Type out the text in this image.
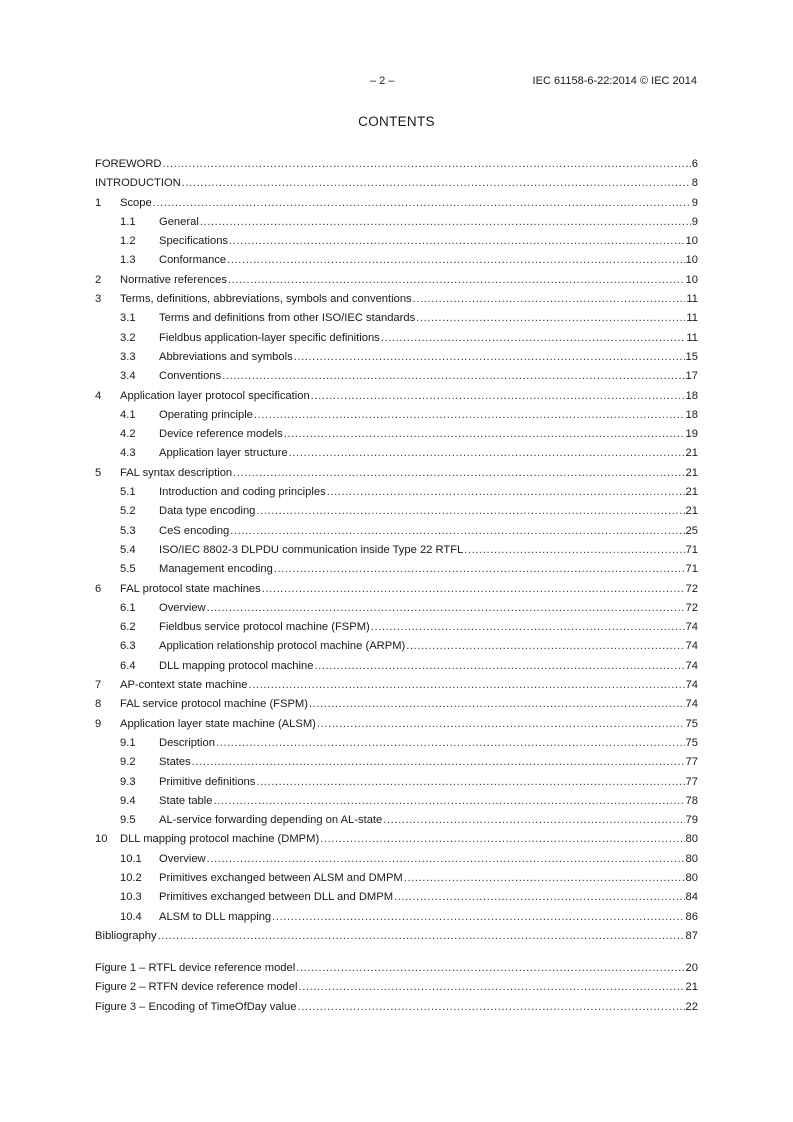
– 2 –	IEC 61158-6-22:2014 © IEC 2014
CONTENTS
FOREWORD .....	6
INTRODUCTION .....	8
1	Scope .....	9
1.1	General .....	9
1.2	Specifications .....	10
1.3	Conformance .....	10
2	Normative references .....	10
3	Terms, definitions, abbreviations, symbols and conventions .....	11
3.1	Terms and definitions from other ISO/IEC standards .....	11
3.2	Fieldbus application-layer specific definitions .....	11
3.3	Abbreviations and symbols .....	15
3.4	Conventions .....	17
4	Application layer protocol specification .....	18
4.1	Operating principle .....	18
4.2	Device reference models .....	19
4.3	Application layer structure .....	21
5	FAL syntax description .....	21
5.1	Introduction and coding principles .....	21
5.2	Data type encoding .....	21
5.3	CeS encoding .....	25
5.4	ISO/IEC 8802-3 DLPDU communication inside Type 22 RTFL .....	71
5.5	Management encoding .....	71
6	FAL protocol state machines .....	72
6.1	Overview .....	72
6.2	Fieldbus service protocol machine (FSPM) .....	74
6.3	Application relationship protocol machine (ARPM) .....	74
6.4	DLL mapping protocol machine .....	74
7	AP-context state machine .....	74
8	FAL service protocol machine (FSPM) .....	74
9	Application layer state machine (ALSM) .....	75
9.1	Description .....	75
9.2	States .....	77
9.3	Primitive definitions .....	77
9.4	State table .....	78
9.5	AL-service forwarding depending on AL-state .....	79
10	DLL mapping protocol machine (DMPM) .....	80
10.1	Overview .....	80
10.2	Primitives exchanged between ALSM and DMPM .....	80
10.3	Primitives exchanged between DLL and DMPM .....	84
10.4	ALSM to DLL mapping .....	86
Bibliography .....	87
Figure 1 – RTFL device reference model .....	20
Figure 2 – RTFN device reference model .....	21
Figure 3 – Encoding of TimeOfDay value .....	22
